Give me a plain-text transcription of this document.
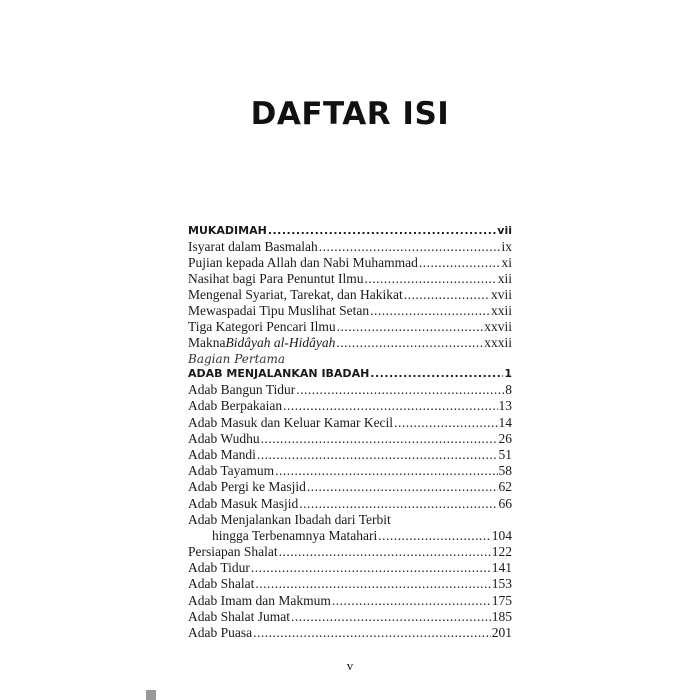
DAFTAR ISI
MUKADIMAH .....	vii
Isyarat dalam Basmalah .....	ix
Pujian kepada Allah dan Nabi Muhammad .....	xi
Nasihat bagi Para Penuntut Ilmu .....	xii
Mengenal Syariat, Tarekat, dan Hakikat .....	xvii
Mewaspadai Tipu Muslihat Setan .....	xxii
Tiga Kategori Pencari Ilmu .....	xxvii
Makna Bidâyah al-Hidâyah .....	xxxii
Bagian Pertama
ADAB MENJALANKAN IBADAH .....	1
Adab Bangun Tidur .....	8
Adab Berpakaian .....	13
Adab Masuk dan Keluar Kamar Kecil .....	14
Adab Wudhu .....	26
Adab Mandi .....	51
Adab Tayamum .....	58
Adab Pergi ke Masjid .....	62
Adab Masuk Masjid .....	66
Adab Menjalankan Ibadah dari Terbit
hingga Terbenamnya Matahari .....	104
Persiapan Shalat .....	122
Adab Tidur .....	141
Adab Shalat .....	153
Adab Imam dan Makmum .....	175
Adab Shalat Jumat .....	185
Adab Puasa .....	201
v
